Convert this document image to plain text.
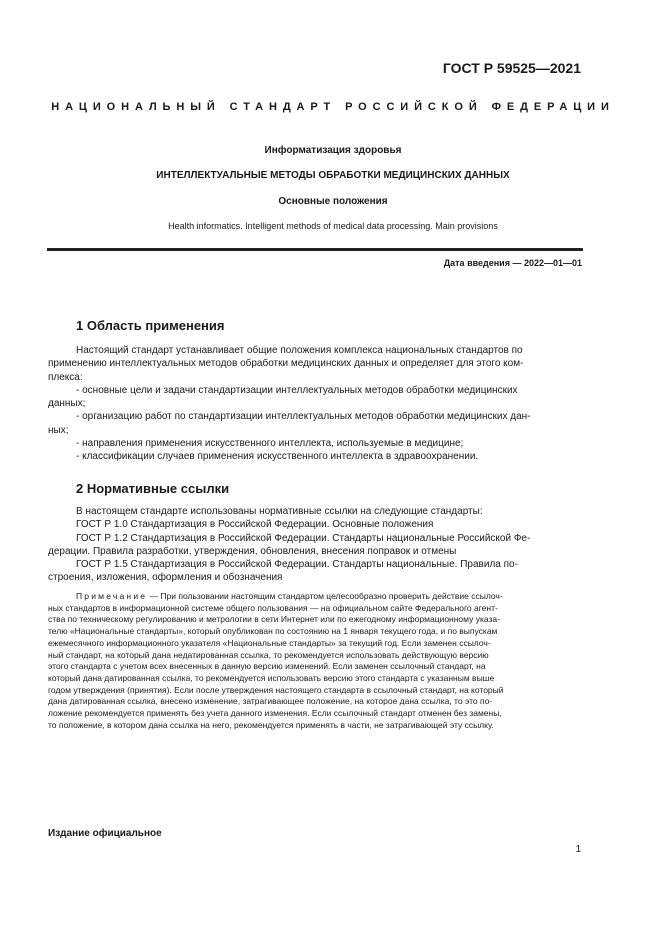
ГОСТ Р 59525—2021
НАЦИОНАЛЬНЫЙ СТАНДАРТ РОССИЙСКОЙ ФЕДЕРАЦИИ
Информатизация здоровья
ИНТЕЛЛЕКТУАЛЬНЫЕ МЕТОДЫ ОБРАБОТКИ МЕДИЦИНСКИХ ДАННЫХ
Основные положения
Health informatics. Intelligent methods of medical data processing. Main provisions
Дата введения — 2022—01—01
1 Область применения
Настоящий стандарт устанавливает общие положения комплекса национальных стандартов по
применению интеллектуальных методов обработки медицинских данных и определяет для этого ком-
плекса:
- основные цели и задачи стандартизации интеллектуальных методов обработки медицинских
данных;
- организацию работ по стандартизации интеллектуальных методов обработки медицинских дан-
ных;
- направления применения искусственного интеллекта, используемые в медицине;
- классификации случаев применения искусственного интеллекта в здравоохранении.
2 Нормативные ссылки
В настоящем стандарте использованы нормативные ссылки на следующие стандарты:
ГОСТ Р 1.0 Стандартизация в Российской Федерации. Основные положения
ГОСТ Р 1.2 Стандартизация в Российской Федерации. Стандарты национальные Российской Фе-
дерации. Правила разработки, утверждения, обновления, внесения поправок и отмены
ГОСТ Р 1.5 Стандартизация в Российской Федерации. Стандарты национальные. Правила по-
строения, изложения, оформления и обозначения
Примечание — При пользовании настоящим стандартом целесообразно проверить действие ссылоч-
ных стандартов в информационной системе общего пользования — на официальном сайте Федерального агент-
ства по техническому регулированию и метрологии в сети Интернет или по ежегодному информационному указа-
телю «Национальные стандарты», который опубликован по состоянию на 1 января текущего года, и по выпускам
ежемесячного информационного указателя «Национальные стандарты» за текущий год. Если заменен ссылоч-
ный стандарт, на который дана недатированная ссылка, то рекомендуется использовать действующую версию
этого стандарта с учетом всех внесенных в данную версию изменений. Если заменен ссылочный стандарт, на
который дана датированная ссылка, то рекомендуется использовать версию этого стандарта с указанным выше
годом утверждения (принятия). Если после утверждения настоящего стандарта в ссылочный стандарт, на который
дана датированная ссылка, внесено изменение, затрагивающее положение, на которое дана ссылка, то это по-
ложение рекомендуется применять без учета данного изменения. Если ссылочный стандарт отменен без замены,
то положение, в котором дана ссылка на него, рекомендуется применять в части, не затрагивающей эту ссылку.
Издание официальное
1
